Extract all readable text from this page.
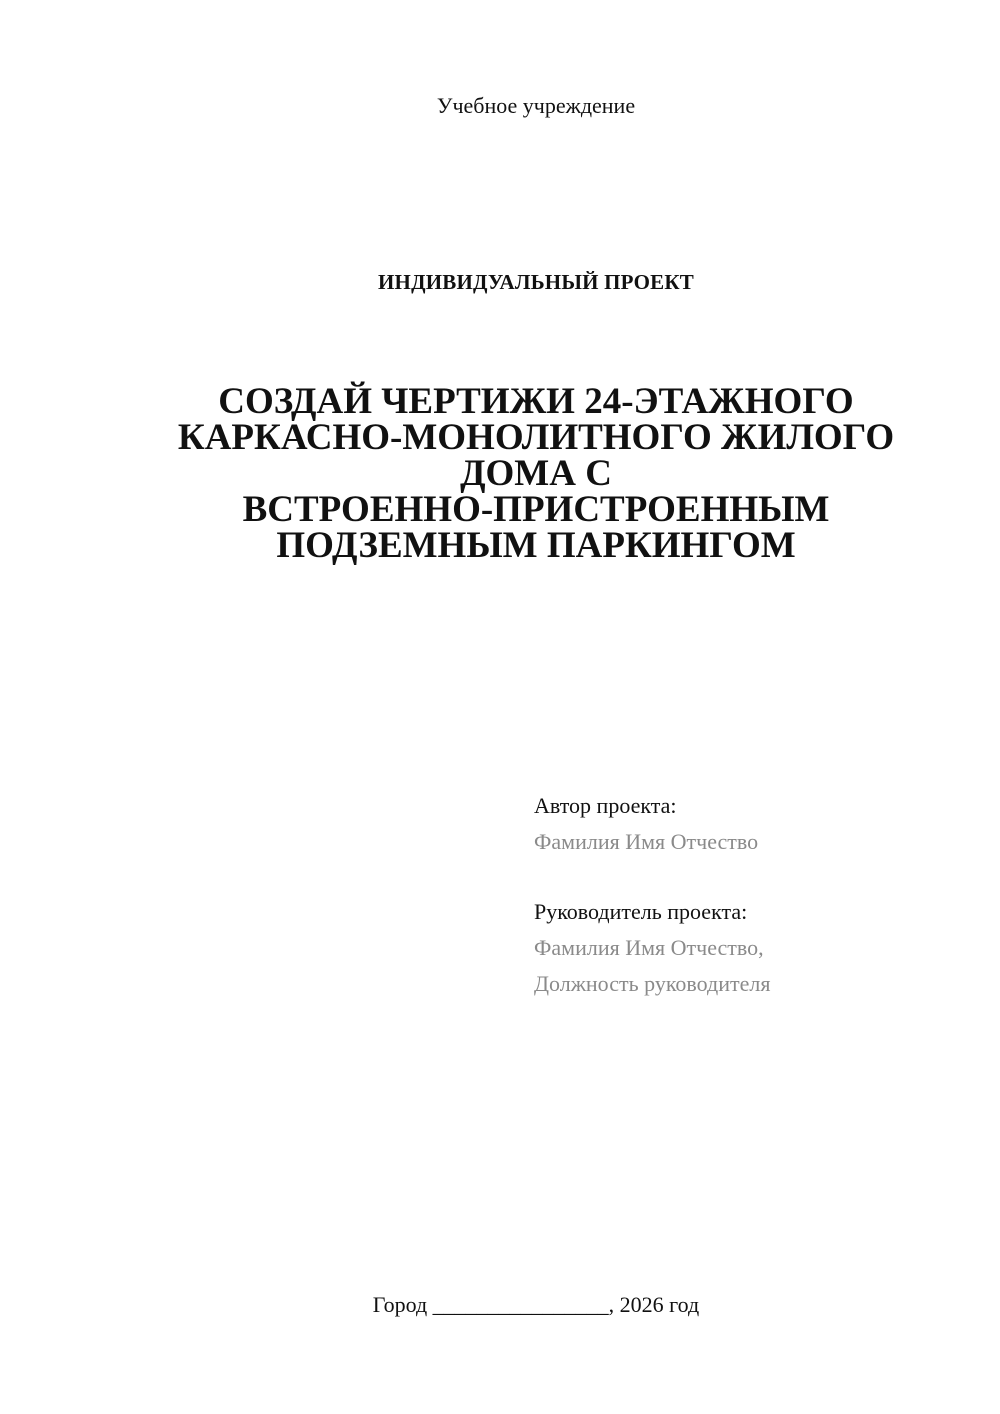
Учебное учреждение
ИНДИВИДУАЛЬНЫЙ ПРОЕКТ
СОЗДАЙ ЧЕРТИЖИ 24-ЭТАЖНОГО
КАРКАСНО-МОНОЛИТНОГО ЖИЛОГО
ДОМА С
ВСТРОЕННО-ПРИСТРОЕННЫМ
ПОДЗЕМНЫМ ПАРКИНГОМ
Автор проекта:
Фамилия Имя Отчество
Руководитель проекта:
Фамилия Имя Отчество,
Должность руководителя
Город ________________, 2026 год
